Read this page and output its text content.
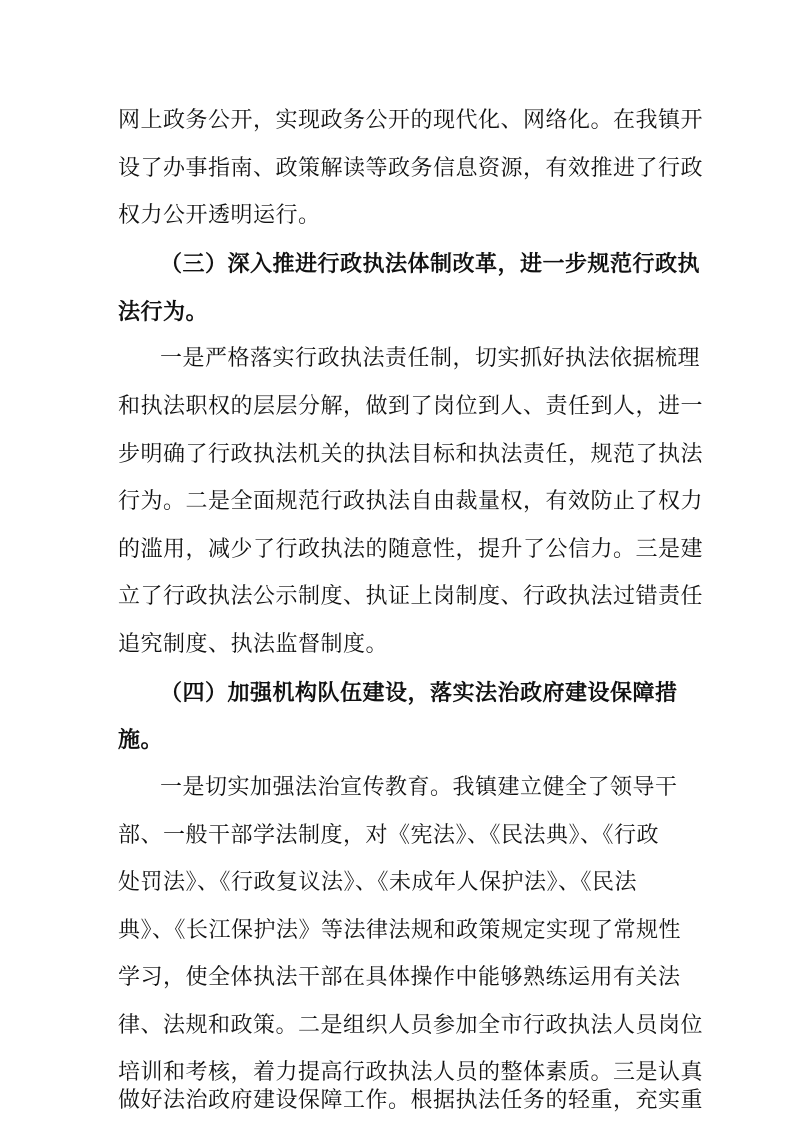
网上政务公开，实现政务公开的现代化、网络化。在我镇开
设了办事指南、政策解读等政务信息资源，有效推进了行政
权力公开透明运行。
（三）深入推进行政执法体制改革，进一步规范行政执
法行为。
一是严格落实行政执法责任制，切实抓好执法依据梳理
和执法职权的层层分解，做到了岗位到人、责任到人，进一
步明确了行政执法机关的执法目标和执法责任，规范了执法
行为。二是全面规范行政执法自由裁量权，有效防止了权力
的滥用，减少了行政执法的随意性，提升了公信力。三是建
立了行政执法公示制度、执证上岗制度、行政执法过错责任
追究制度、执法监督制度。
（四）加强机构队伍建设，落实法治政府建设保障措
施。
一是切实加强法治宣传教育。我镇建立健全了领导干
部、一般干部学法制度，对《宪法》、《民法典》、《行政
处罚法》、《行政复议法》、《未成年人保护法》、《民法
典》、《长江保护法》等法律法规和政策规定实现了常规性
学习，使全体执法干部在具体操作中能够熟练运用有关法
律、法规和政策。二是组织人员参加全市行政执法人员岗位
培训和考核，着力提高行政执法人员的整体素质。三是认真
做好法治政府建设保障工作。根据执法任务的轻重，充实重
